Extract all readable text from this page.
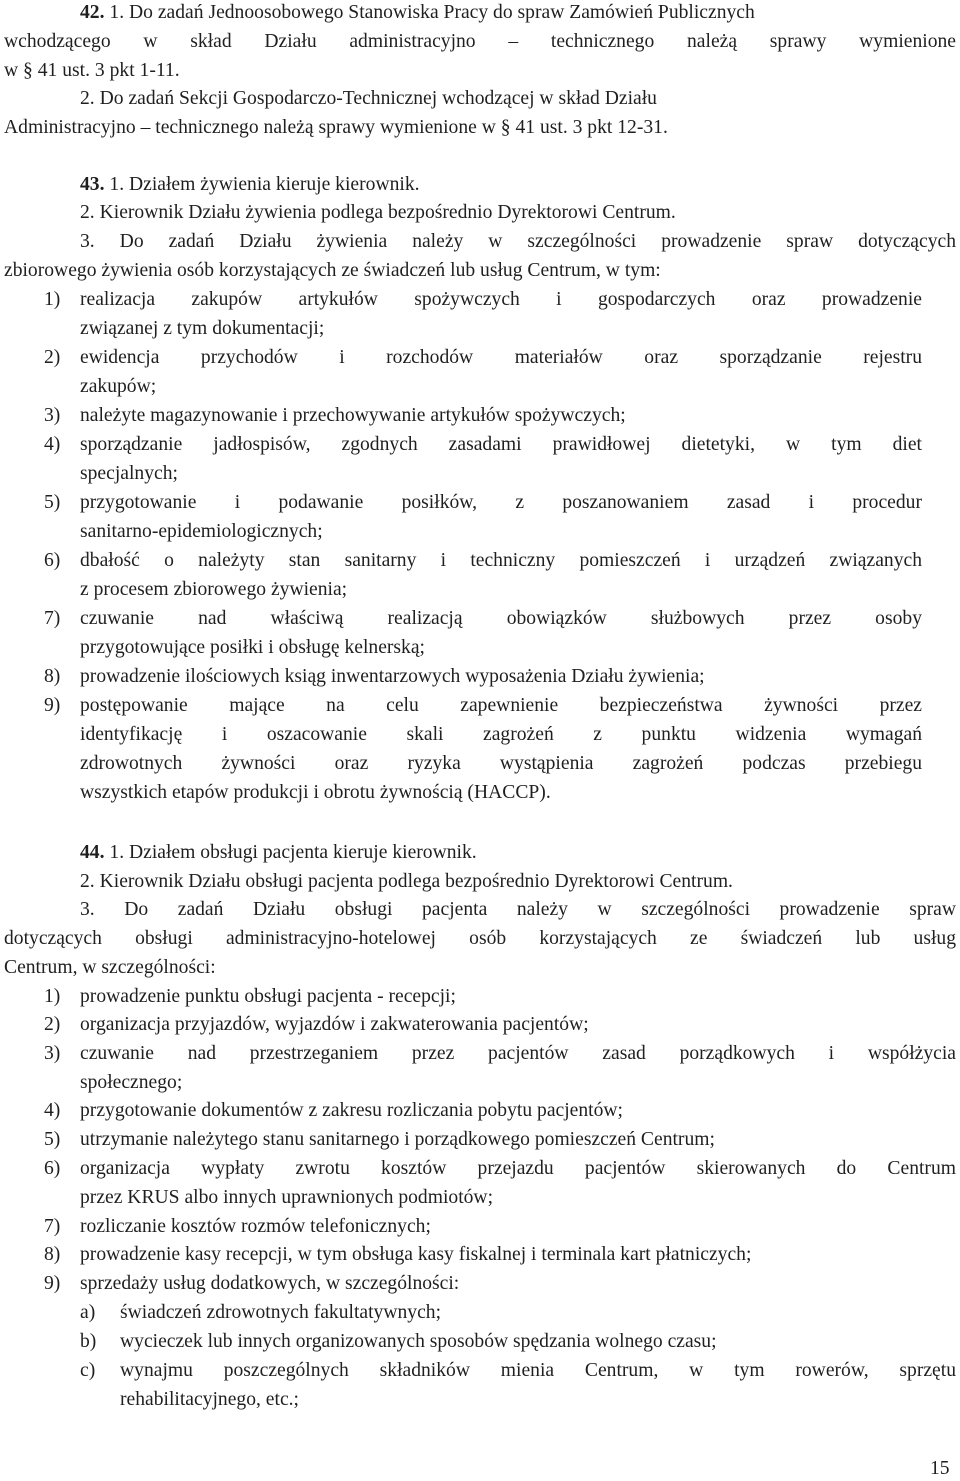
42. 1. Do zadań Jednoosobowego Stanowiska Pracy do spraw Zamówień Publicznych
wchodzącego w skład Działu administracyjno – technicznego należą sprawy wymienione
w § 41 ust. 3 pkt 1-11.
2. Do zadań Sekcji Gospodarczo-Technicznej wchodzącej w skład Działu
Administracyjno – technicznego należą sprawy wymienione w § 41 ust. 3 pkt 12-31.
43. 1. Działem żywienia kieruje kierownik.
2. Kierownik Działu żywienia podlega bezpośrednio Dyrektorowi Centrum.
3. Do zadań Działu żywienia należy w szczególności prowadzenie spraw dotyczących
zbiorowego żywienia osób korzystających ze świadczeń lub usług Centrum, w tym:
1) realizacja zakupów artykułów spożywczych i gospodarczych oraz prowadzenie
związanej z tym dokumentacji;
2) ewidencja przychodów i rozchodów materiałów oraz sporządzanie rejestru
zakupów;
3) należyte magazynowanie i przechowywanie artykułów spożywczych;
4) sporządzanie jadłospisów, zgodnych zasadami prawidłowej dietetyki, w tym diet
specjalnych;
5) przygotowanie i podawanie posiłków, z poszanowaniem zasad i procedur
sanitarno-epidemiologicznych;
6) dbałość o należyty stan sanitarny i techniczny pomieszczeń i urządzeń związanych
z procesem zbiorowego żywienia;
7) czuwanie nad właściwą realizacją obowiązków służbowych przez osoby
przygotowujące posiłki i obsługę kelnerską;
8) prowadzenie ilościowych ksiąg inwentarzowych wyposażenia Działu żywienia;
9) postępowanie mające na celu zapewnienie bezpieczeństwa żywności przez
identyfikację i oszacowanie skali zagrożeń z punktu widzenia wymagań
zdrowotnych żywności oraz ryzyka wystąpienia zagrożeń podczas przebiegu
wszystkich etapów produkcji i obrotu żywnością (HACCP).
44. 1. Działem obsługi pacjenta kieruje kierownik.
2. Kierownik Działu obsługi pacjenta podlega bezpośrednio Dyrektorowi Centrum.
3. Do zadań Działu obsługi pacjenta należy w szczególności prowadzenie spraw
dotyczących obsługi administracyjno-hotelowej osób korzystających ze świadczeń lub usług
Centrum, w szczególności:
1) prowadzenie punktu obsługi pacjenta - recepcji;
2) organizacja przyjazdów, wyjazdów i zakwaterowania pacjentów;
3) czuwanie nad przestrzeganiem przez pacjentów zasad porządkowych i współżycia
społecznego;
4) przygotowanie dokumentów z zakresu rozliczania pobytu pacjentów;
5) utrzymanie należytego stanu sanitarnego i porządkowego pomieszczeń Centrum;
6) organizacja wypłaty zwrotu kosztów przejazdu pacjentów skierowanych do Centrum
przez KRUS albo innych uprawnionych podmiotów;
7) rozliczanie kosztów rozmów telefonicznych;
8) prowadzenie kasy recepcji, w tym obsługa kasy fiskalnej i terminala kart płatniczych;
9) sprzedaży usług dodatkowych, w szczególności:
a) świadczeń zdrowotnych fakultatywnych;
b) wycieczek lub innych organizowanych sposobów spędzania wolnego czasu;
c) wynajmu poszczególnych składników mienia Centrum, w tym rowerów, sprzętu
rehabilitacyjnego, etc.;
15
